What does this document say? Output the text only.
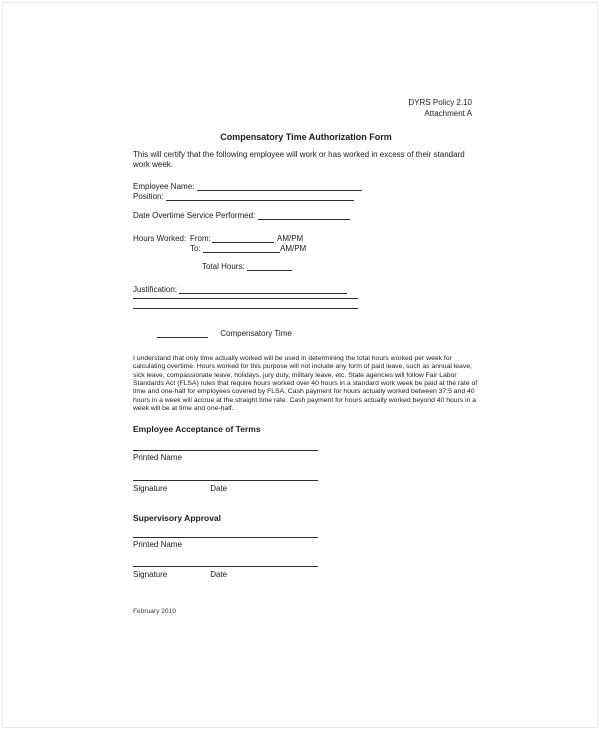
DYRS Policy 2.10
Attachment A
Compensatory Time Authorization Form
This will certify that the following employee will work or has worked in excess of their standard work week.
Employee Name:
Position:
Date Overtime Service Performed:
Hours Worked: From:	AM/PM
To:	AM/PM
Total Hours:
Justification:
Compensatory Time
I understand that only time actually worked will be used in determining the total hours worked per week for calculating overtime. Hours worked for this purpose will not include any form of paid leave, such as annual leave, sick leave, compassionate leave, holidays, jury duty, military leave, etc. State agencies will follow Fair Labor Standards Act (FLSA) rules that require hours worked over 40 hours in a standard work week be paid at the rate of time and one-half for employees covered by FLSA. Cash payment for hours actually worked between 37.5 and 40 hours in a week will accrue at the straight time rate. Cash payment for hours actually worked beyond 40 hours in a week will be at time and one-half.
Employee Acceptance of Terms
Printed Name
Signature	Date
Supervisory Approval
Printed Name
Signature	Date
February 2010
